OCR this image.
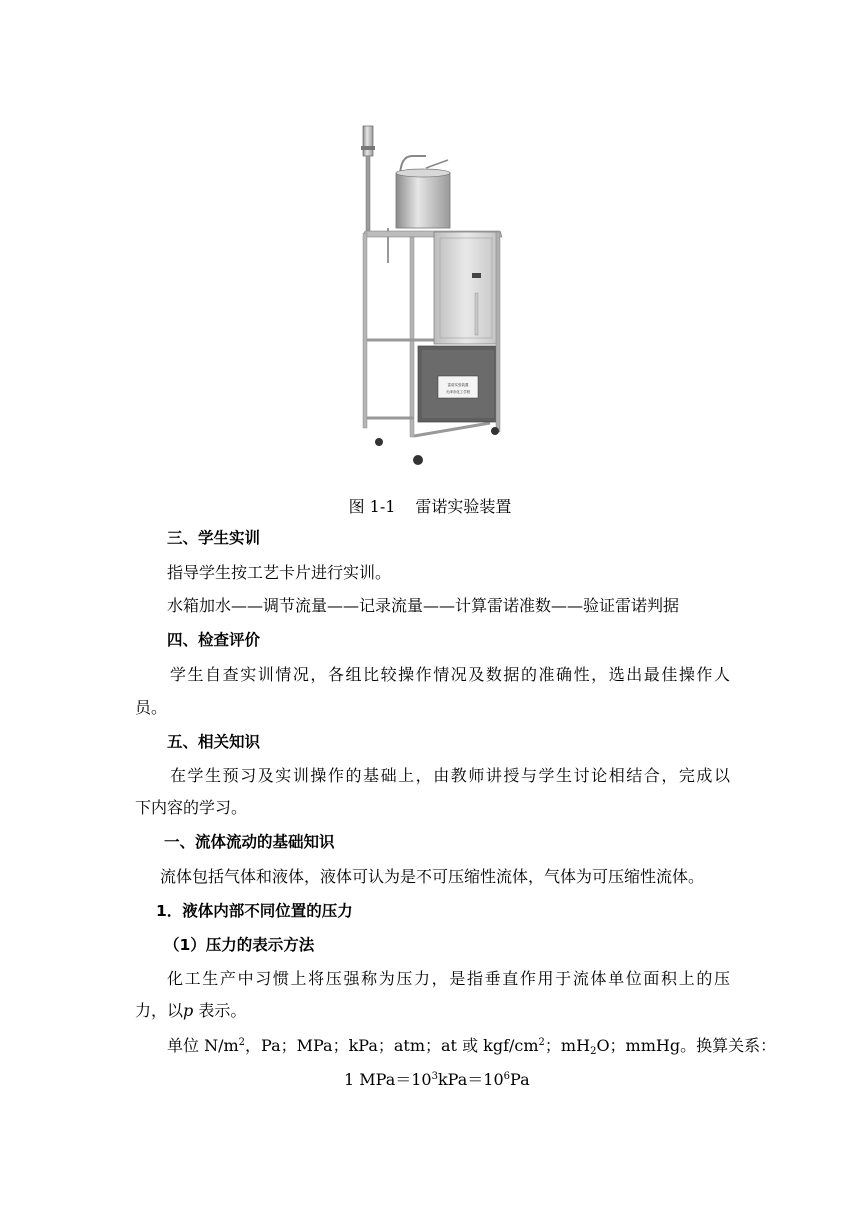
雷诺实验装置
天津市化工学校
图 1-1 雷诺实验装置
三、学生实训
指导学生按工艺卡片进行实训。
水箱加水——调节流量——记录流量——计算雷诺准数——验证雷诺判据
四、检查评价
学生自查实训情况，各组比较操作情况及数据的准确性，选出最佳操作人
员。
五、相关知识
在学生预习及实训操作的基础上，由教师讲授与学生讨论相结合，完成以
下内容的学习。
一、流体流动的基础知识
流体包括气体和液体，液体可认为是不可压缩性流体，气体为可压缩性流体。
1．液体内部不同位置的压力
（1）压力的表示方法
化工生产中习惯上将压强称为压力，是指垂直作用于流体单位面积上的压
力，以p 表示。
单位 $N/m^2$，Pa；MPa；kPa；atm；at 或 kgf/$cm^2$；$mH_2O$；mmHg。换算关系：
1 $MPa=10^3kPa=10^6Pa$
